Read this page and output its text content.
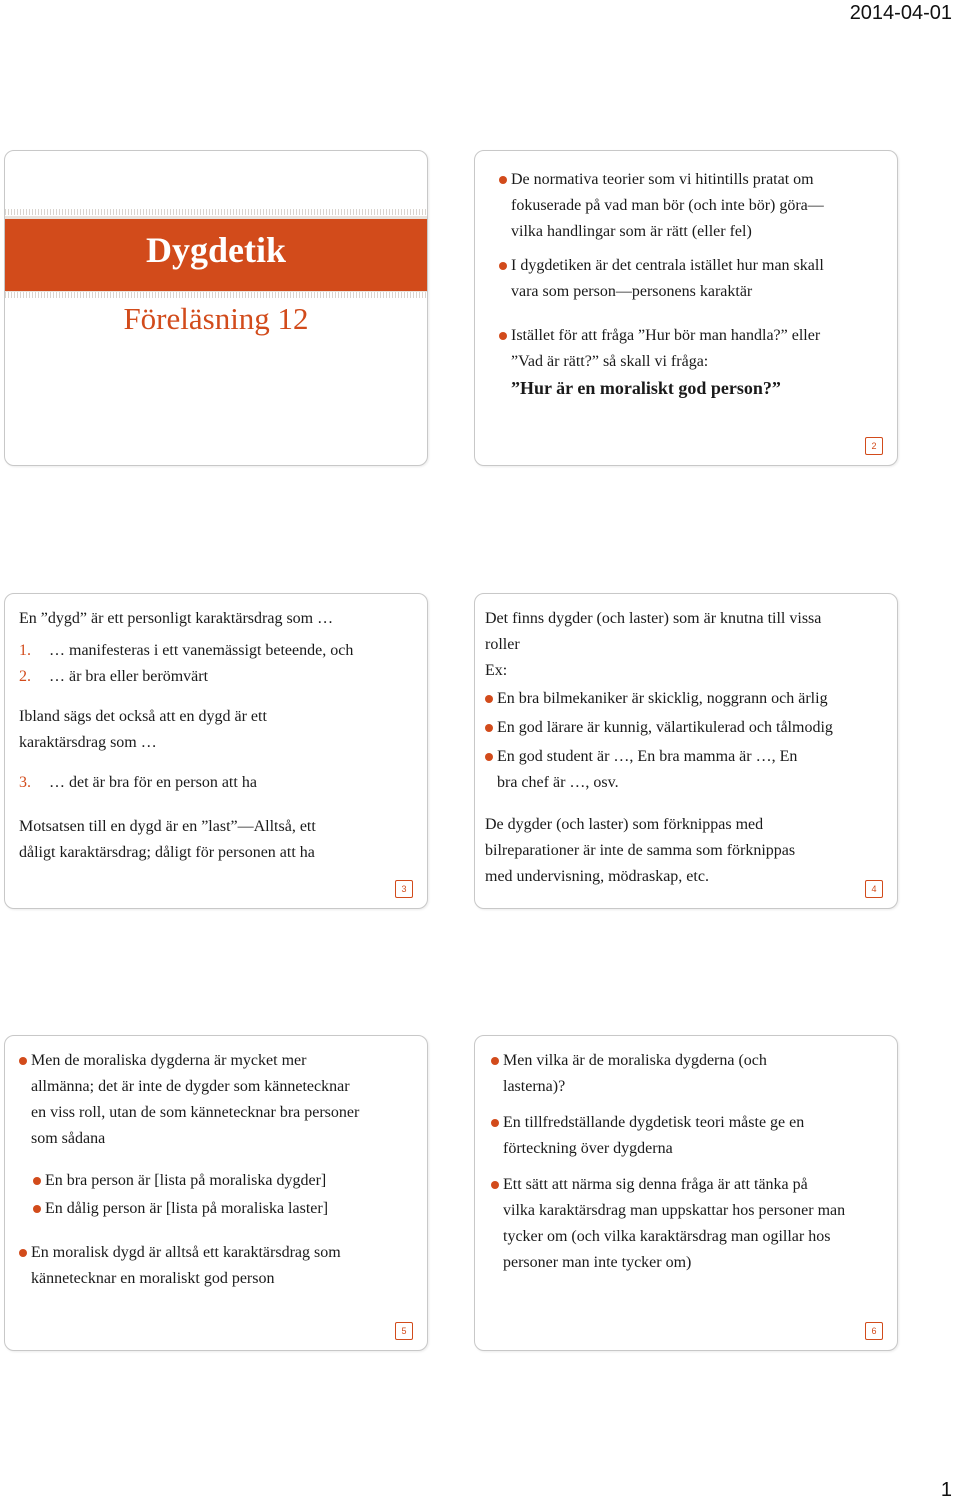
2014-04-01
Dygdetik
Föreläsning 12
De normativa teorier som vi hitintills pratat om
fokuserade på vad man bör (och inte bör) göra—
vilka handlingar som är rätt (eller fel)
I dygdetiken är det centrala istället hur man skall
vara som person—personens karaktär
Istället för att fråga ”Hur bör man handla?” eller
”Vad är rätt?” så skall vi fråga:
”Hur är en moraliskt god person?”
2
En ”dygd” är ett personligt karaktärsdrag som …
1. … manifesteras i ett vanemässigt beteende, och
2. … är bra eller berömvärt
Ibland sägs det också att en dygd är ett
karaktärsdrag som …
3. … det är bra för en person att ha
Motsatsen till en dygd är en ”last”—Alltså, ett
dåligt karaktärsdrag; dåligt för personen att ha
3
Det finns dygder (och laster) som är knutna till vissa
roller
Ex:
En bra bilmekaniker är skicklig, noggrann och ärlig
En god lärare är kunnig, välartikulerad och tålmodig
En god student är …, En bra mamma är …, En
bra chef är …, osv.
De dygder (och laster) som förknippas med
bilreparationer är inte de samma som förknippas
med undervisning, mödraskap, etc.
4
Men de moraliska dygderna är mycket mer
allmänna; det är inte de dygder som kännetecknar
en viss roll, utan de som kännetecknar bra personer
som sådana
En bra person är [lista på moraliska dygder]
En dålig person är [lista på moraliska laster]
En moralisk dygd är alltså ett karaktärsdrag som
kännetecknar en moraliskt god person
5
Men vilka är de moraliska dygderna (och
lasterna)?
En tillfredställande dygdetisk teori måste ge en
förteckning över dygderna
Ett sätt att närma sig denna fråga är att tänka på
vilka karaktärsdrag man uppskattar hos personer man
tycker om (och vilka karaktärsdrag man ogillar hos
personer man inte tycker om)
6
1
